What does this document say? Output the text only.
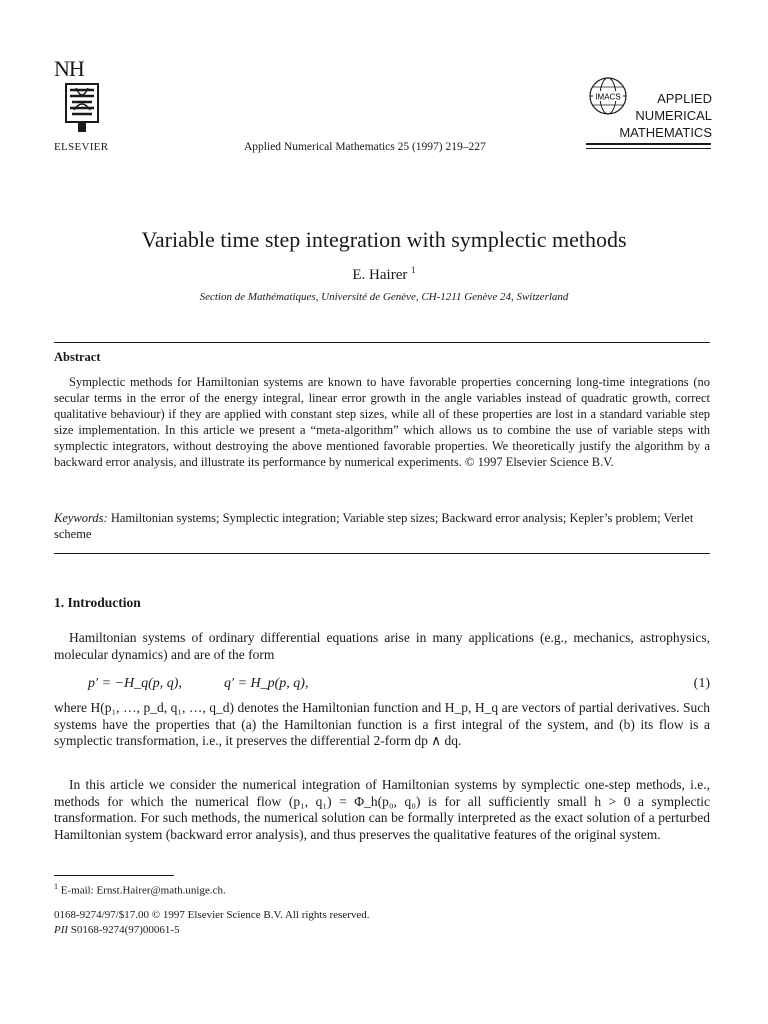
NH
ELSEVIER	Applied Numerical Mathematics 25 (1997) 219–227
IMACS	APPLIED
NUMERICAL
MATHEMATICS
Variable time step integration with symplectic methods
E. Hairer $^1$
Section de Mathématiques, Université de Genève, CH-1211 Genève 24, Switzerland
Abstract
Symplectic methods for Hamiltonian systems are known to have favorable properties concerning long-time integrations (no secular terms in the error of the energy integral, linear error growth in the angle variables instead of quadratic growth, correct qualitative behaviour) if they are applied with constant step sizes, while all of these properties are lost in a standard variable step size implementation. In this article we present a “meta-algorithm” which allows us to combine the use of variable steps with symplectic integrators, without destroying the above mentioned favorable properties. We theoretically justify the algorithm by a backward error analysis, and illustrate its performance by numerical experiments. © 1997 Elsevier Science B.V.
Keywords: Hamiltonian systems; Symplectic integration; Variable step sizes; Backward error analysis; Kepler’s problem; Verlet scheme
1. Introduction
Hamiltonian systems of ordinary differential equations arise in many applications (e.g., mechanics, astrophysics, molecular dynamics) and are of the form
p′ = −H_q(p, q),	q′ = H_p(p, q),	(1)
where H(p₁, …, p_d, q₁, …, q_d) denotes the Hamiltonian function and H_p, H_q are vectors of partial derivatives. Such systems have the properties that (a) the Hamiltonian function is a first integral of the system, and (b) its flow is a symplectic transformation, i.e., it preserves the differential 2-form dp ∧ dq.
In this article we consider the numerical integration of Hamiltonian systems by symplectic one-step methods, i.e., methods for which the numerical flow (p₁, q₁) = Φ_h(p₀, q₀) is for all sufficiently small h > 0 a symplectic transformation. For such methods, the numerical solution can be formally interpreted as the exact solution of a perturbed Hamiltonian system (backward error analysis), and thus preserves the qualitative features of the original system.
$^1$ E-mail: Ernst.Hairer@math.unige.ch.
0168-9274/97/$17.00 © 1997 Elsevier Science B.V. All rights reserved.
PII S0168-9274(97)00061-5
